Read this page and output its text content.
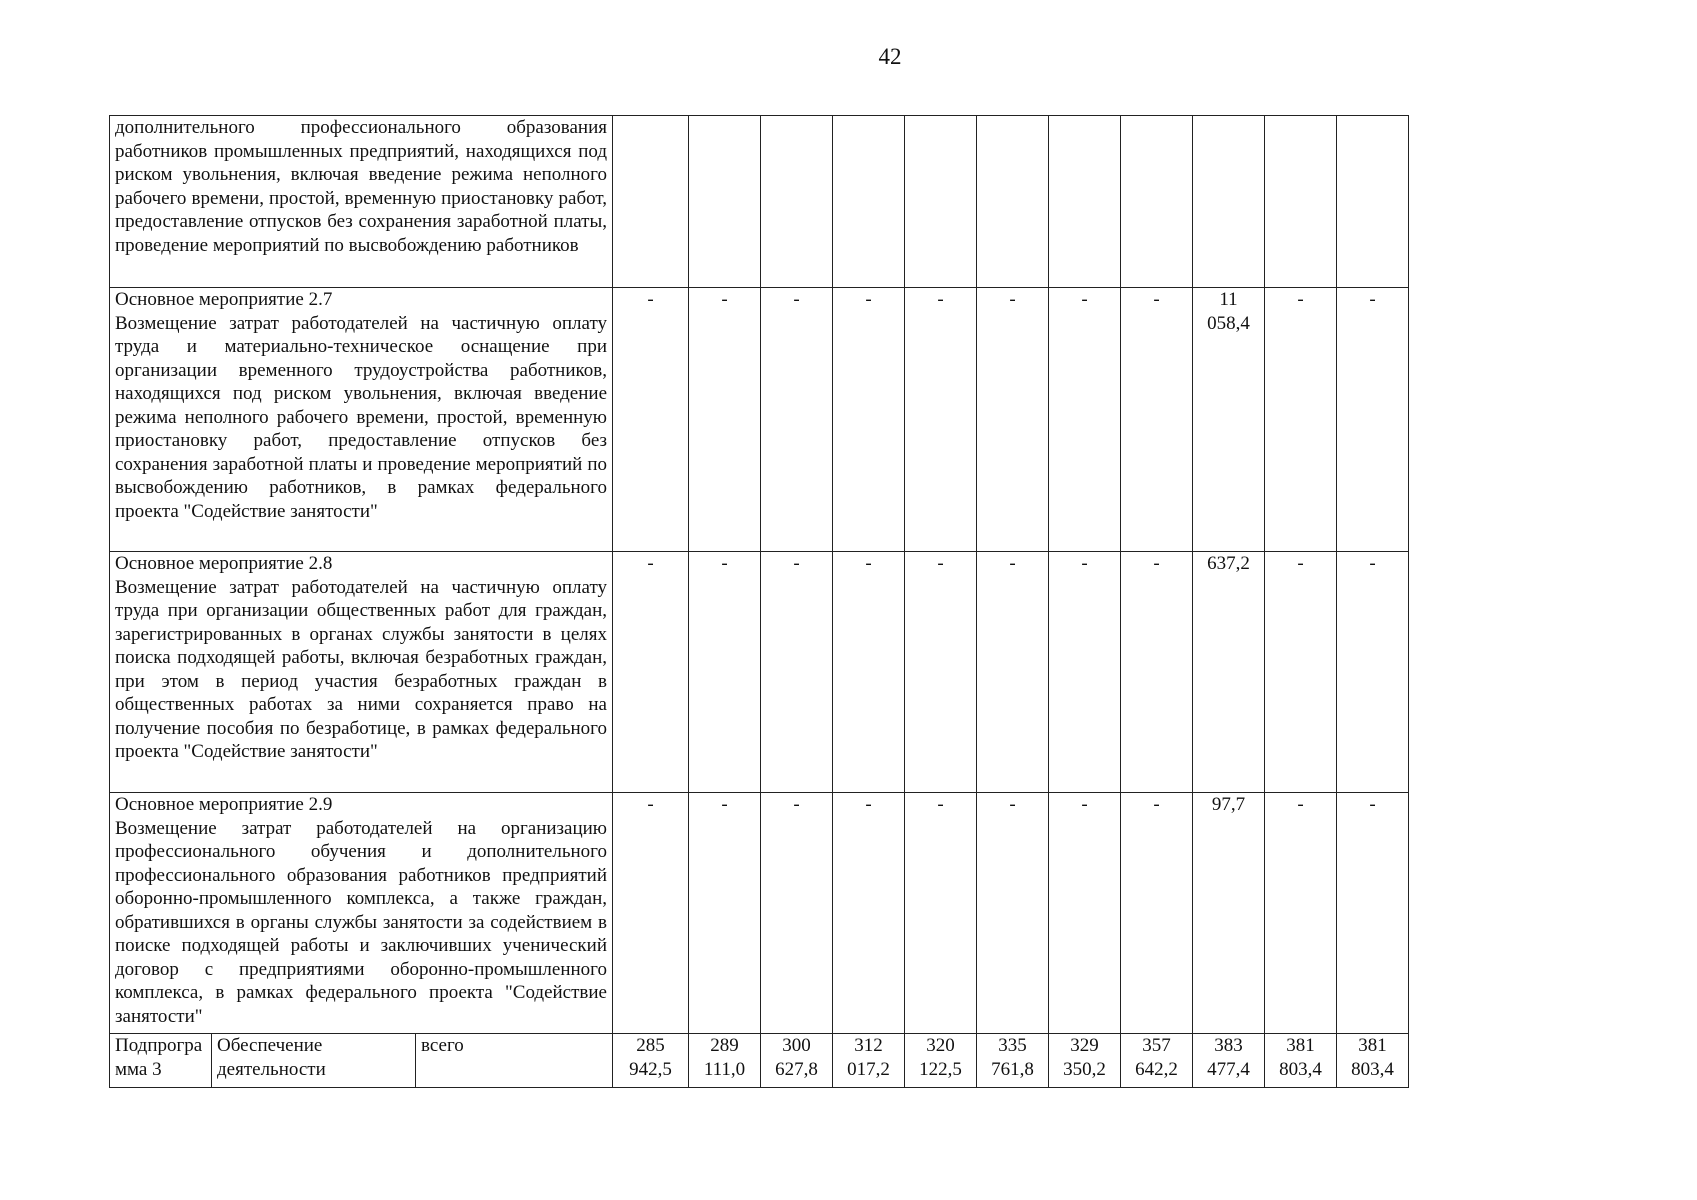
42
дополнительного профессионального образования работников промышленных предприятий, находящихся под риском увольнения, включая введение режима неполного рабочего времени, простой, временную приостановку работ, предоставление отпусков без сохранения заработной платы, проведение мероприятий по высвобождению работников													

Основное мероприятие 2.7
Возмещение затрат работодателей на частичную оплату труда и материально-техническое оснащение при организации временного трудоустройства работников, находящихся под риском увольнения, включая введение режима неполного рабочего времени, простой, временную приостановку работ, предоставление отпусков без сохранения заработной платы и проведение мероприятий по высвобождению работников, в рамках федерального проекта "Содействие занятости"			-	-	-	-	-	-	-	-	11 058,4	-	-

Основное мероприятие 2.8
Возмещение затрат работодателей на частичную оплату труда при организации общественных работ для граждан, зарегистрированных в органах службы занятости в целях поиска подходящей работы, включая безработных граждан, при этом в период участия безработных граждан в общественных работах за ними сохраняется право на получение пособия по безработице, в рамках федерального проекта "Содействие занятости"			-	-	-	-	-	-	-	-	637,2	-	-

Основное мероприятие 2.9
Возмещение затрат работодателей на организацию профессионального обучения и дополнительного профессионального образования работников предприятий оборонно-промышленного комплекса, а также граждан, обратившихся в органы службы занятости за содействием в поиске подходящей работы и заключивших ученический договор с предприятиями оборонно-промышленного комплекса, в рамках федерального проекта "Содействие занятости"			-	-	-	-	-	-	-	-	97,7	-	-
Подпрограмма 3	Обеспечение деятельности	всего	285 942,5	289 111,0	300 627,8	312 017,2	320 122,5	335 761,8	329 350,2	357 642,2	383 477,4	381 803,4	381 803,4
